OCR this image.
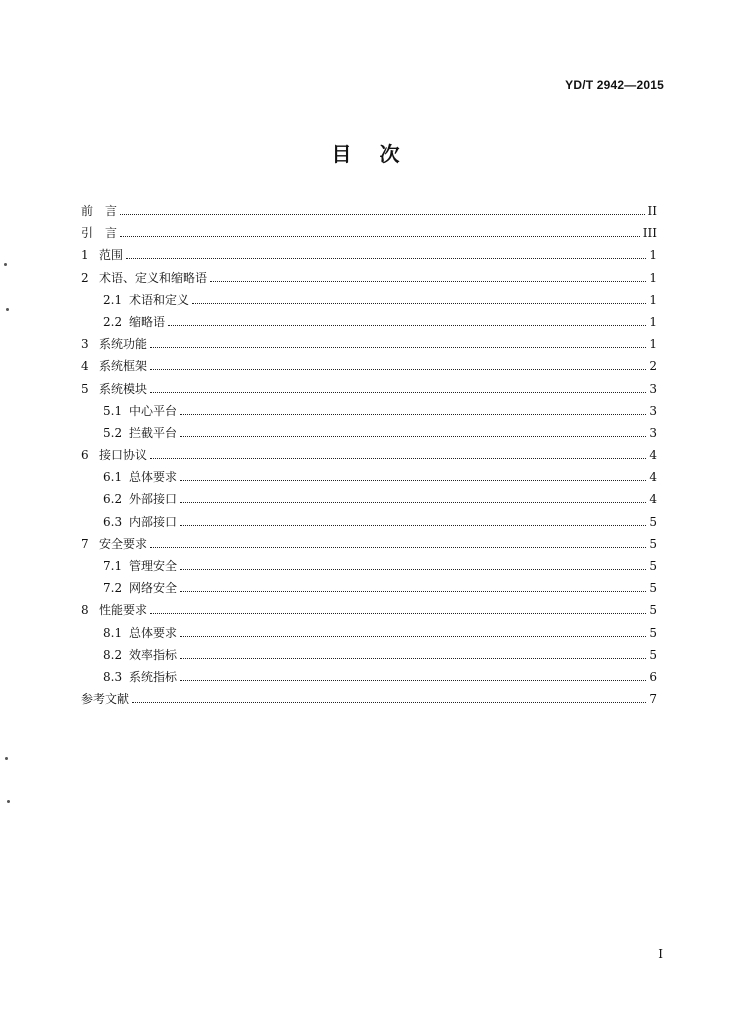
YD/T 2942—2015
目次
前　言	II
引　言	III
1 范围	1
2 术语、定义和缩略语	1
2.1 术语和定义	1
2.2 缩略语	1
3 系统功能	1
4 系统框架	2
5 系统模块	3
5.1 中心平台	3
5.2 拦截平台	3
6 接口协议	4
6.1 总体要求	4
6.2 外部接口	4
6.3 内部接口	5
7 安全要求	5
7.1 管理安全	5
7.2 网络安全	5
8 性能要求	5
8.1 总体要求	5
8.2 效率指标	5
8.3 系统指标	6
参考文献	7
I
